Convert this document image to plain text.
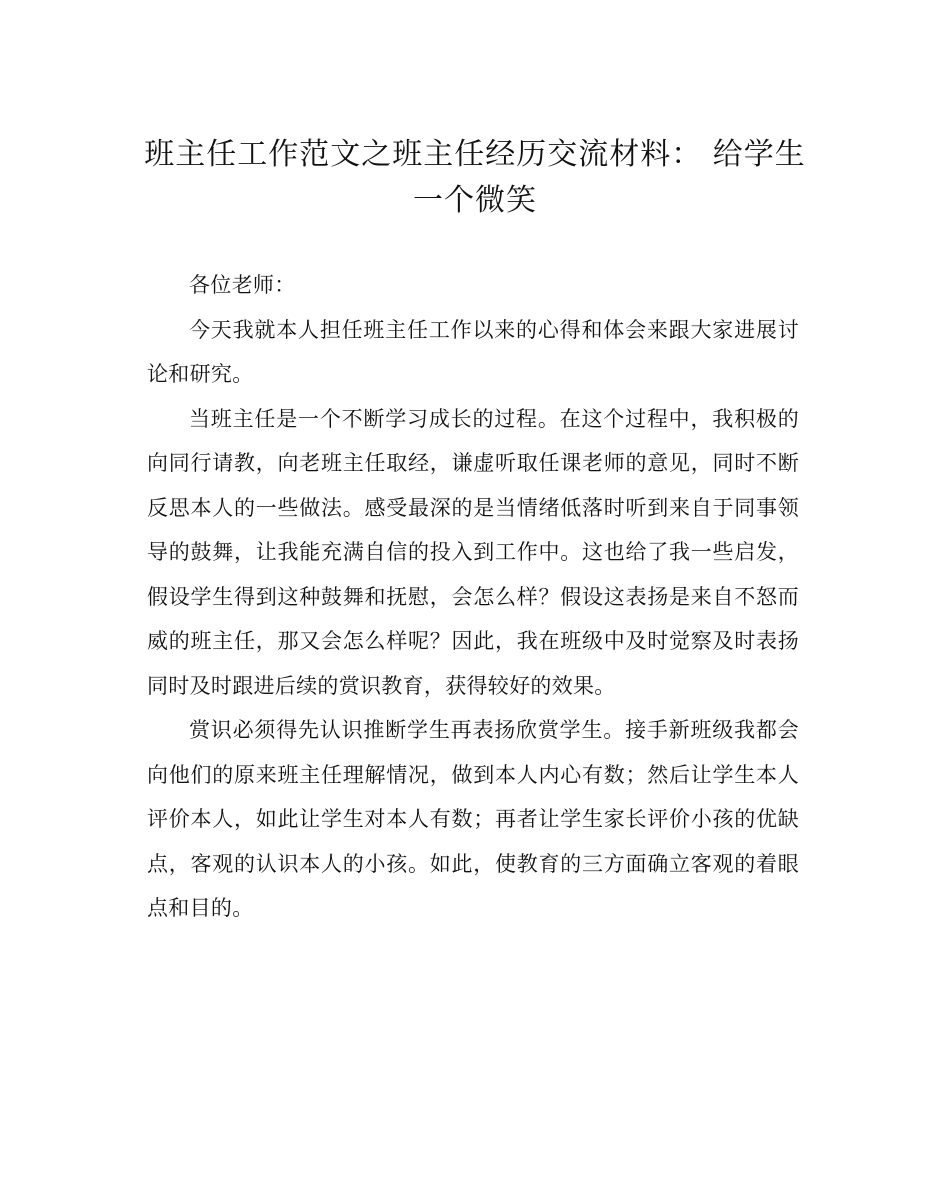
班主任工作范文之班主任经历交流材料： 给学生一个微笑

各位老师：

今天我就本人担任班主任工作以来的心得和体会来跟大家进展讨论和研究。

当班主任是一个不断学习成长的过程。在这个过程中，我积极的向同行请教，向老班主任取经，谦虚听取任课老师的意见，同时不断反思本人的一些做法。感受最深的是当情绪低落时听到来自于同事领导的鼓舞，让我能充满自信的投入到工作中。这也给了我一些启发，假设学生得到这种鼓舞和抚慰，会怎么样？假设这表扬是来自不怒而威的班主任，那又会怎么样呢？因此，我在班级中及时觉察及时表扬同时及时跟进后续的赏识教育，获得较好的效果。

赏识必须得先认识推断学生再表扬欣赏学生。接手新班级我都会向他们的原来班主任理解情况，做到本人内心有数；然后让学生本人评价本人，如此让学生对本人有数；再者让学生家长评价小孩的优缺点，客观的认识本人的小孩。如此，使教育的三方面确立客观的着眼点和目的。
